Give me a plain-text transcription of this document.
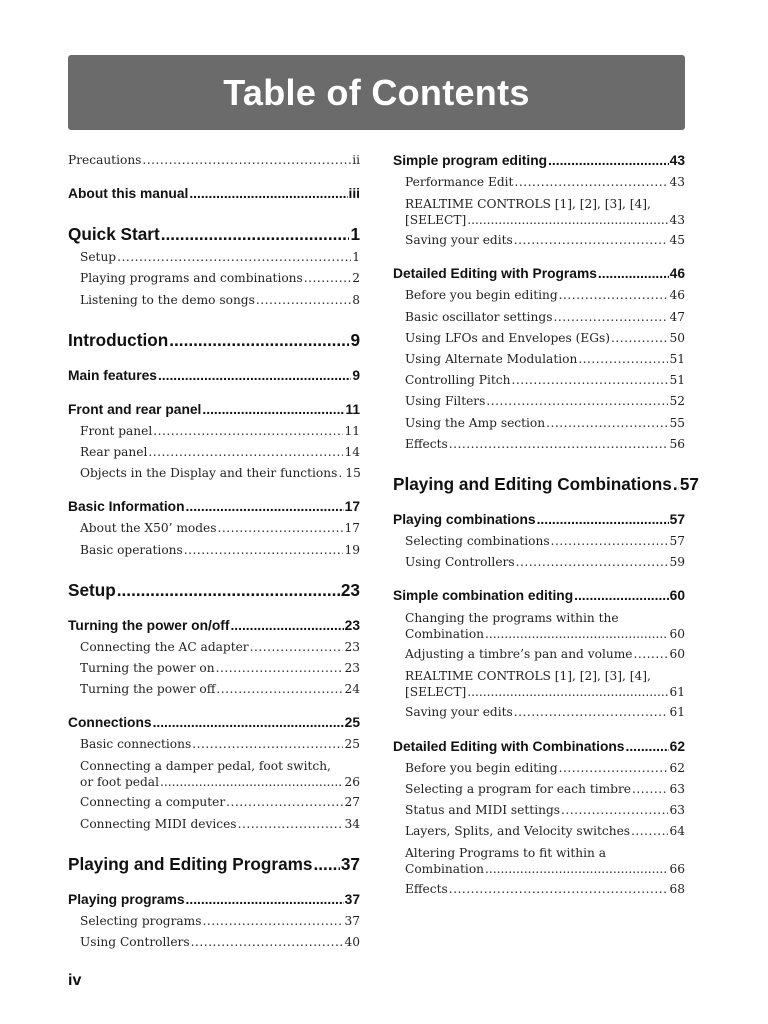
Table of Contents
Precautions .....	ii
About this manual .....	iii
Quick Start .....	1
Setup .....	1
Playing programs and combinations .....	2
Listening to the demo songs .....	8
Introduction .....	9
Main features .....	9
Front and rear panel .....	11
Front panel .....	11
Rear panel .....	14
Objects in the Display and their functions ..... 15
Basic Information .....	17
About the X50’ modes .....	17
Basic operations .....	19
Setup .....	23
Turning the power on/off .....	23
Connecting the AC adapter .....	23
Turning the power on .....	23
Turning the power off .....	24
Connections .....	25
Basic connections .....	25
Connecting a damper pedal, foot switch,
or foot pedal .....	26
Connecting a computer .....	27
Connecting MIDI devices .....	34
Playing and Editing Programs ..... 37
Playing programs .....	37
Selecting programs .....	37
Using Controllers .....	40
Simple program editing .....	43
Performance Edit .....	43
REALTIME CONTROLS [1], [2], [3], [4],
[SELECT] .....	43
Saving your edits .....	45
Detailed Editing with Programs .....	46
Before you begin editing .....	46
Basic oscillator settings .....	47
Using LFOs and Envelopes (EGs) .....	50
Using Alternate Modulation .....	51
Controlling Pitch .....	51
Using Filters .....	52
Using the Amp section .....	55
Effects .....	56
Playing and Editing Combinations ..... 57
Playing combinations .....	57
Selecting combinations .....	57
Using Controllers .....	59
Simple combination editing .....	60
Changing the programs within the
Combination .....	60
Adjusting a timbre’s pan and volume .....	60
REALTIME CONTROLS [1], [2], [3], [4],
[SELECT] .....	61
Saving your edits .....	61
Detailed Editing with Combinations .....	62
Before you begin editing .....	62
Selecting a program for each timbre .....	63
Status and MIDI settings .....	63
Layers, Splits, and Velocity switches .....	64
Altering Programs to fit within a
Combination .....	66
Effects .....	68
iv
